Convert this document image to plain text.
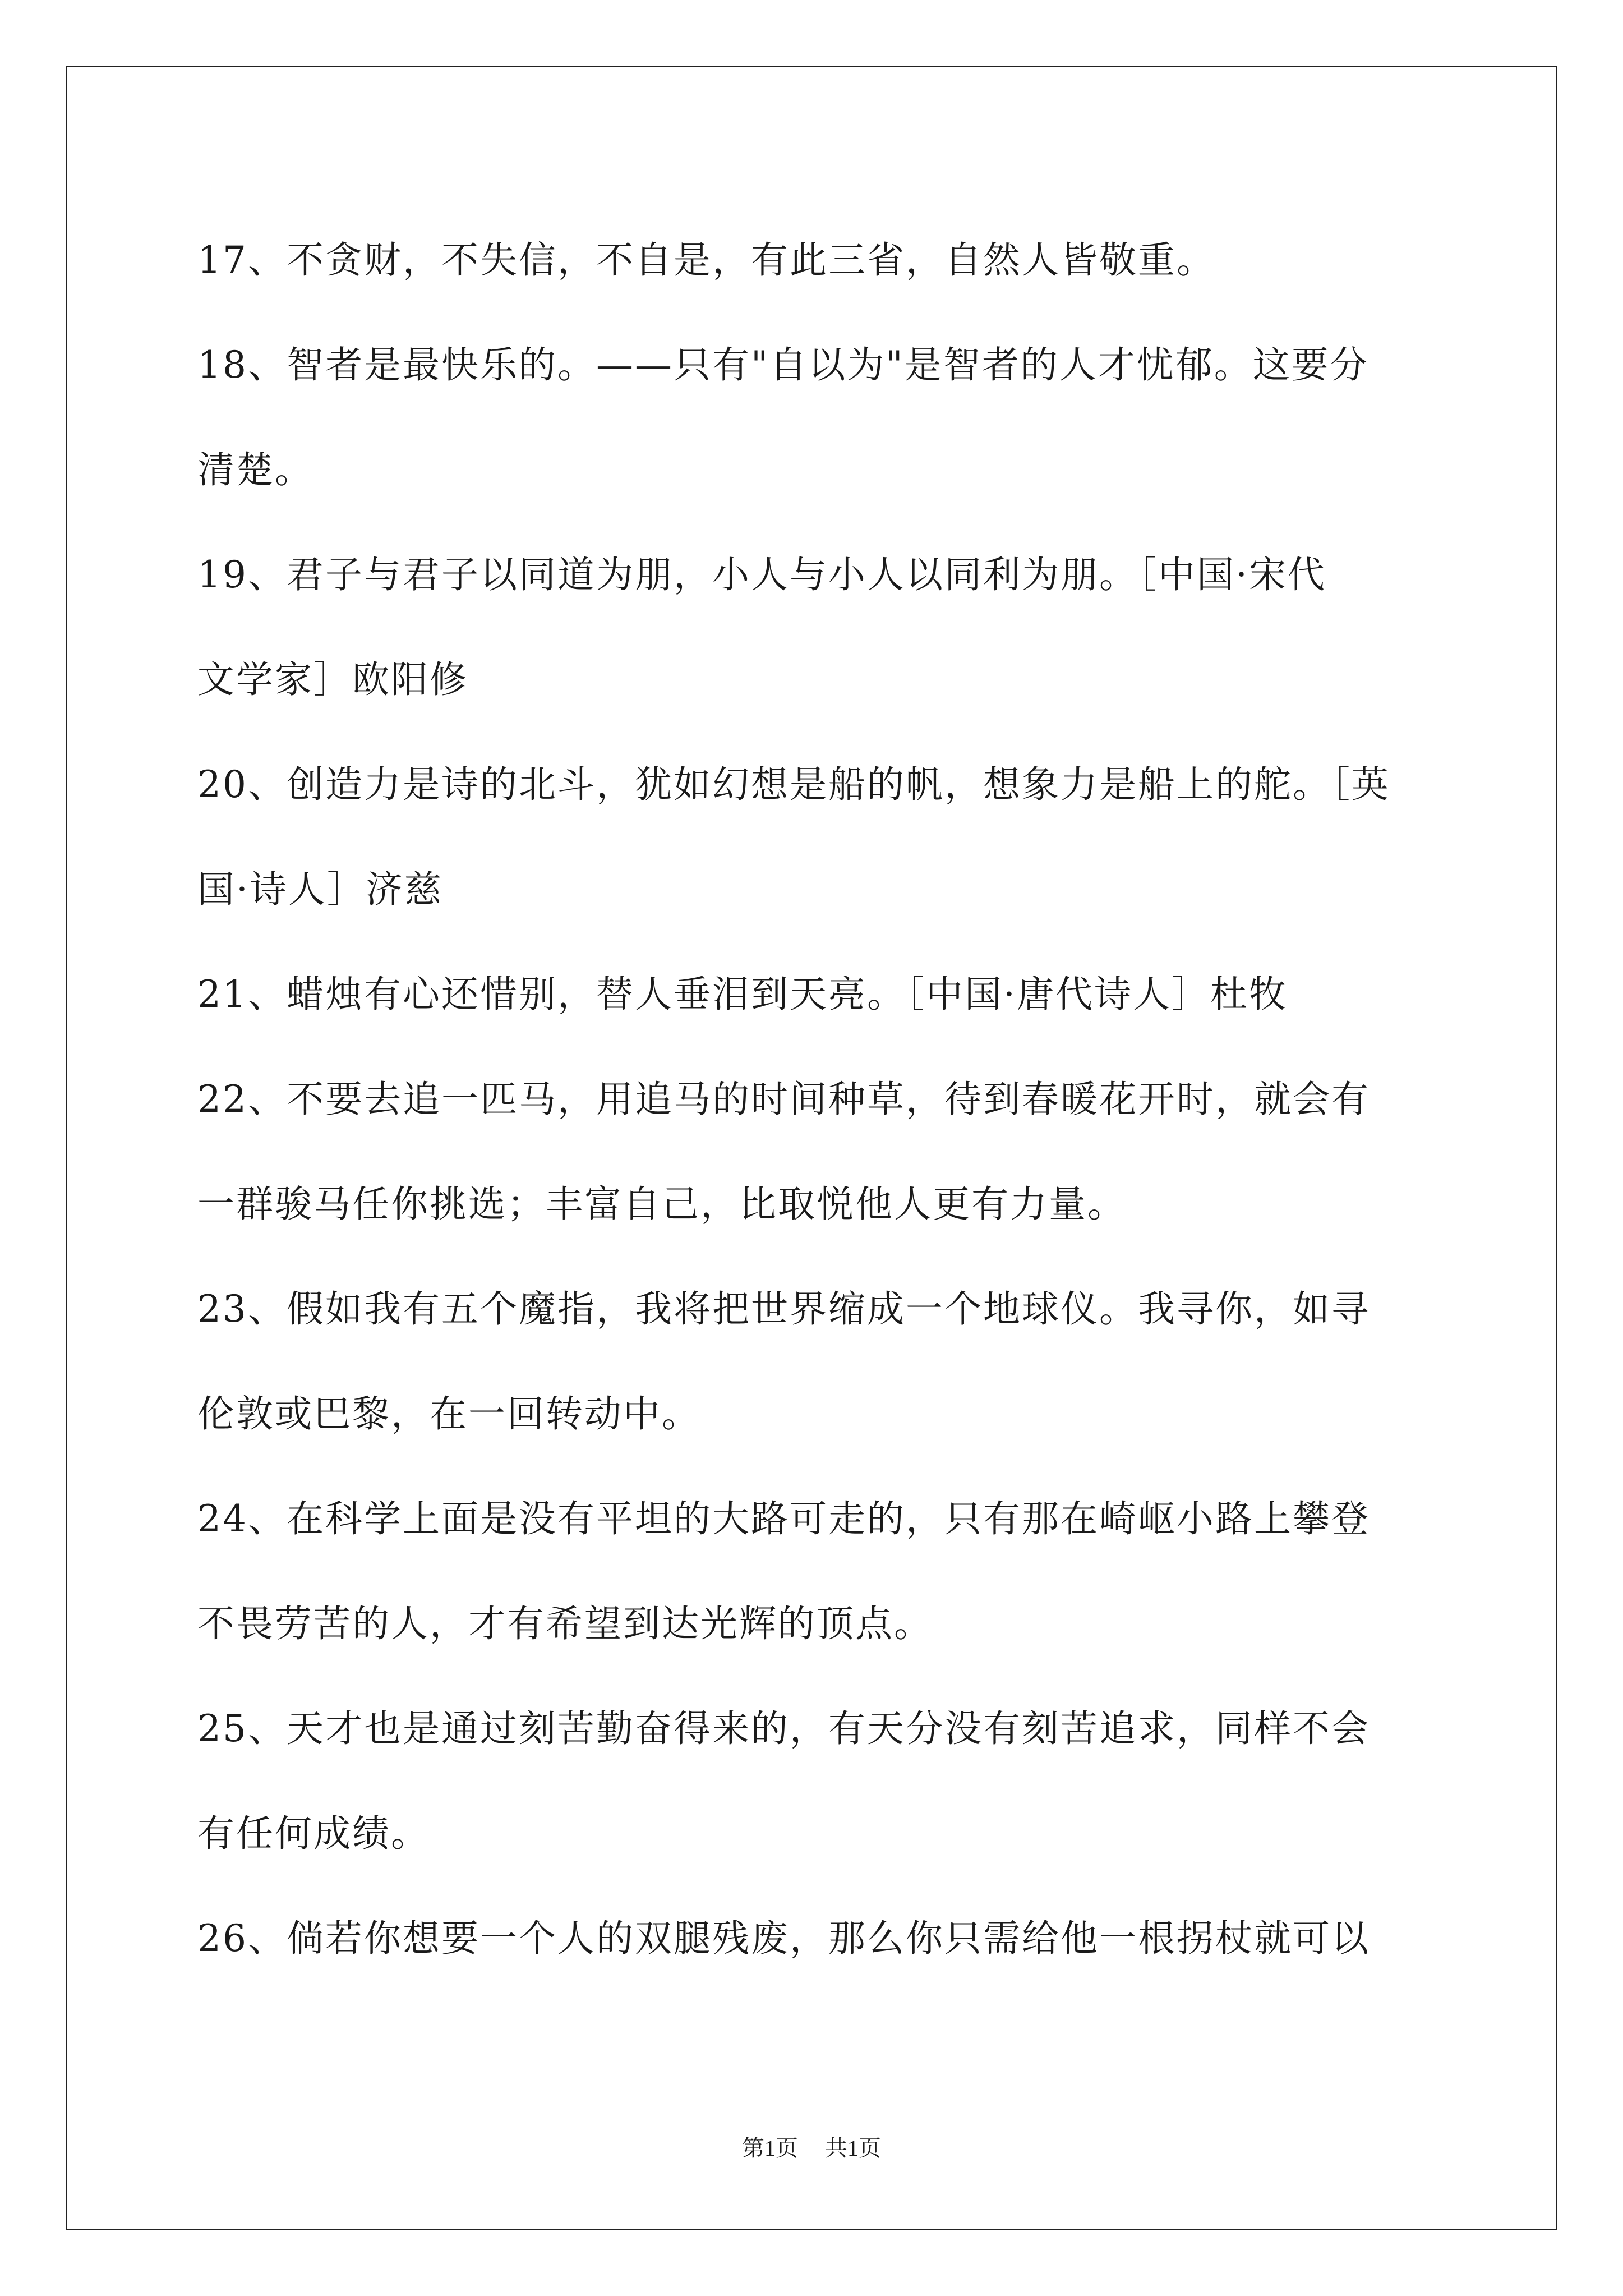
17、不贪财，不失信，不自是，有此三省，自然人皆敬重。
18、智者是最快乐的。——只有"自以为"是智者的人才忧郁。这要分
清楚。
19、君子与君子以同道为朋，小人与小人以同利为朋。［中国·宋代
文学家］欧阳修
20、创造力是诗的北斗，犹如幻想是船的帆，想象力是船上的舵。［英
国·诗人］济慈
21、蜡烛有心还惜别，替人垂泪到天亮。［中国·唐代诗人］杜牧
22、不要去追一匹马，用追马的时间种草，待到春暖花开时，就会有
一群骏马任你挑选；丰富自己，比取悦他人更有力量。
23、假如我有五个魔指，我将把世界缩成一个地球仪。我寻你，如寻
伦敦或巴黎，在一回转动中。
24、在科学上面是没有平坦的大路可走的，只有那在崎岖小路上攀登
不畏劳苦的人，才有希望到达光辉的顶点。
25、天才也是通过刻苦勤奋得来的，有天分没有刻苦追求，同样不会
有任何成绩。
26、倘若你想要一个人的双腿残废，那么你只需给他一根拐杖就可以
第1页 共1页
